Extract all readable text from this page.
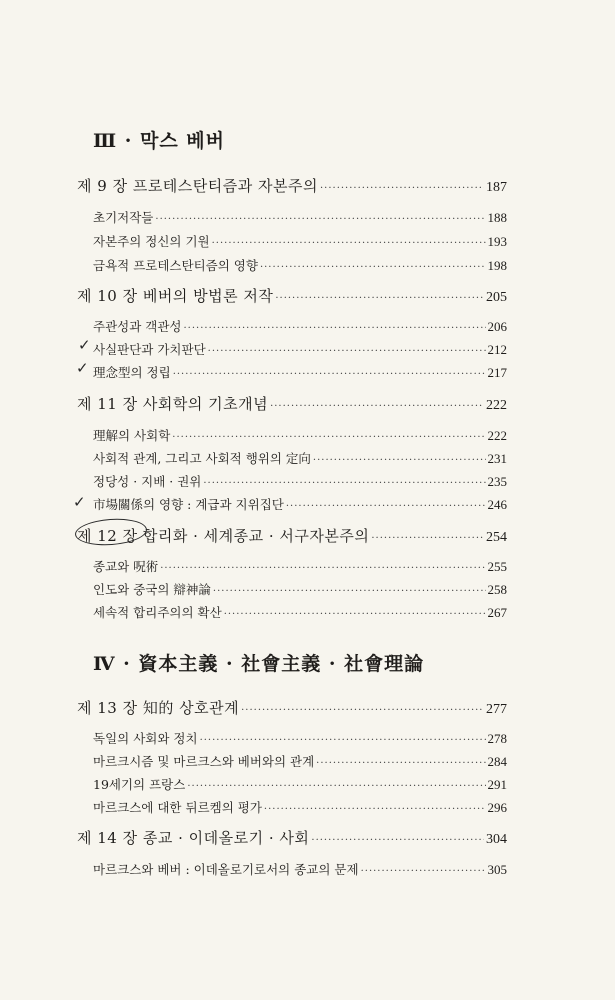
Ⅲ · 막스 베버
제 9 장 프로테스탄티즘과 자본주의 ·····	187
초기저작들 ·····	188
자본주의 정신의 기원 ·····	193
금욕적 프로테스탄티즘의 영향 ·····	198
제 10 장 베버의 방법론 저작 ·····	205
주관성과 객관성 ·····	206
사실판단과 가치판단 ·····	212
理念型의 정립 ·····	217
제 11 장 사회학의 기초개념 ·····	222
理解의 사회학 ·····	222
사회적 관계, 그리고 사회적 행위의 定向 ·····	231
정당성 · 지배 · 권위 ·····	235
市場關係의 영향 : 계급과 지위집단 ·····	246
제 12 장 합리화 · 세계종교 · 서구자본주의 ·····	254
종교와 呪術 ·····	255
인도와 중국의 辯神論 ·····	258
세속적 합리주의의 확산 ·····	267
Ⅳ · 資本主義 · 社會主義 · 社會理論
제 13 장 知的 상호관계 ·····	277
독일의 사회와 정치 ·····	278
마르크시즘 및 마르크스와 베버와의 관계 ·····	284
19세기의 프랑스 ·····	291
마르크스에 대한 뒤르켐의 평가 ·····	296
제 14 장 종교 · 이데올로기 · 사회 ·····	304
마르크스와 베버 : 이데올로기로서의 종교의 문제 ·····	305
✓
✓
✓
